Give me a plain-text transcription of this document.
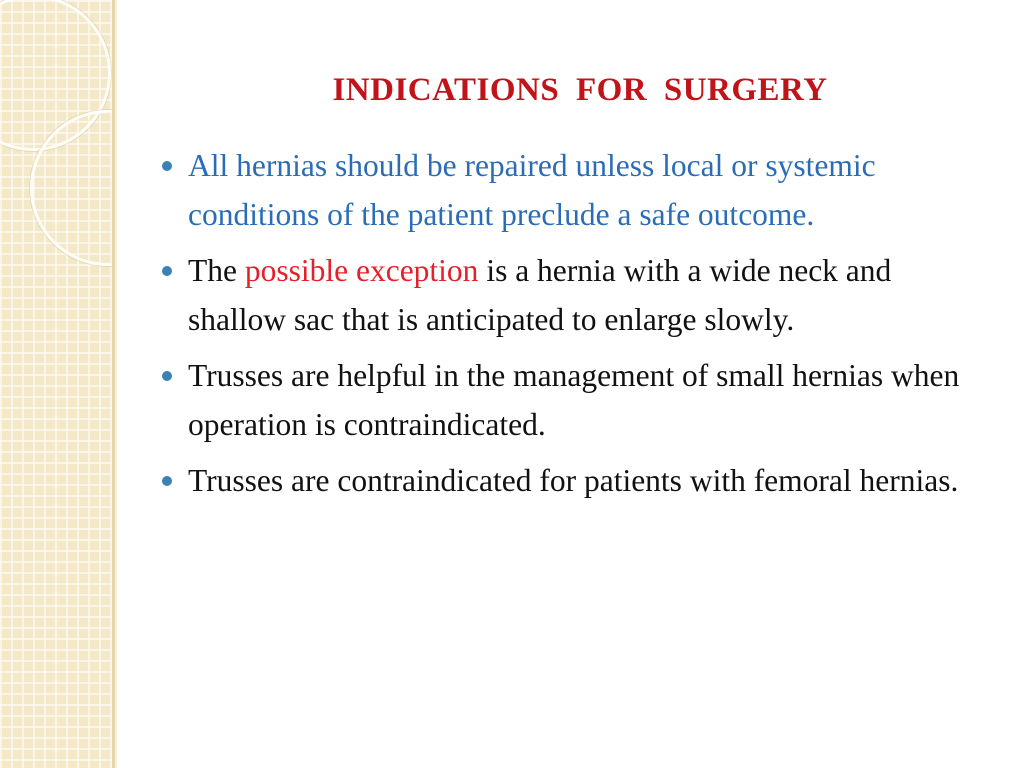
INDICATIONS FOR SURGERY
All hernias should be repaired unless local or systemic conditions of the patient preclude a safe outcome.
The possible exception is a hernia with a wide neck and shallow sac that is anticipated to enlarge slowly.
Trusses are helpful in the management of small hernias when operation is contraindicated.
Trusses are contraindicated for patients with femoral hernias.
